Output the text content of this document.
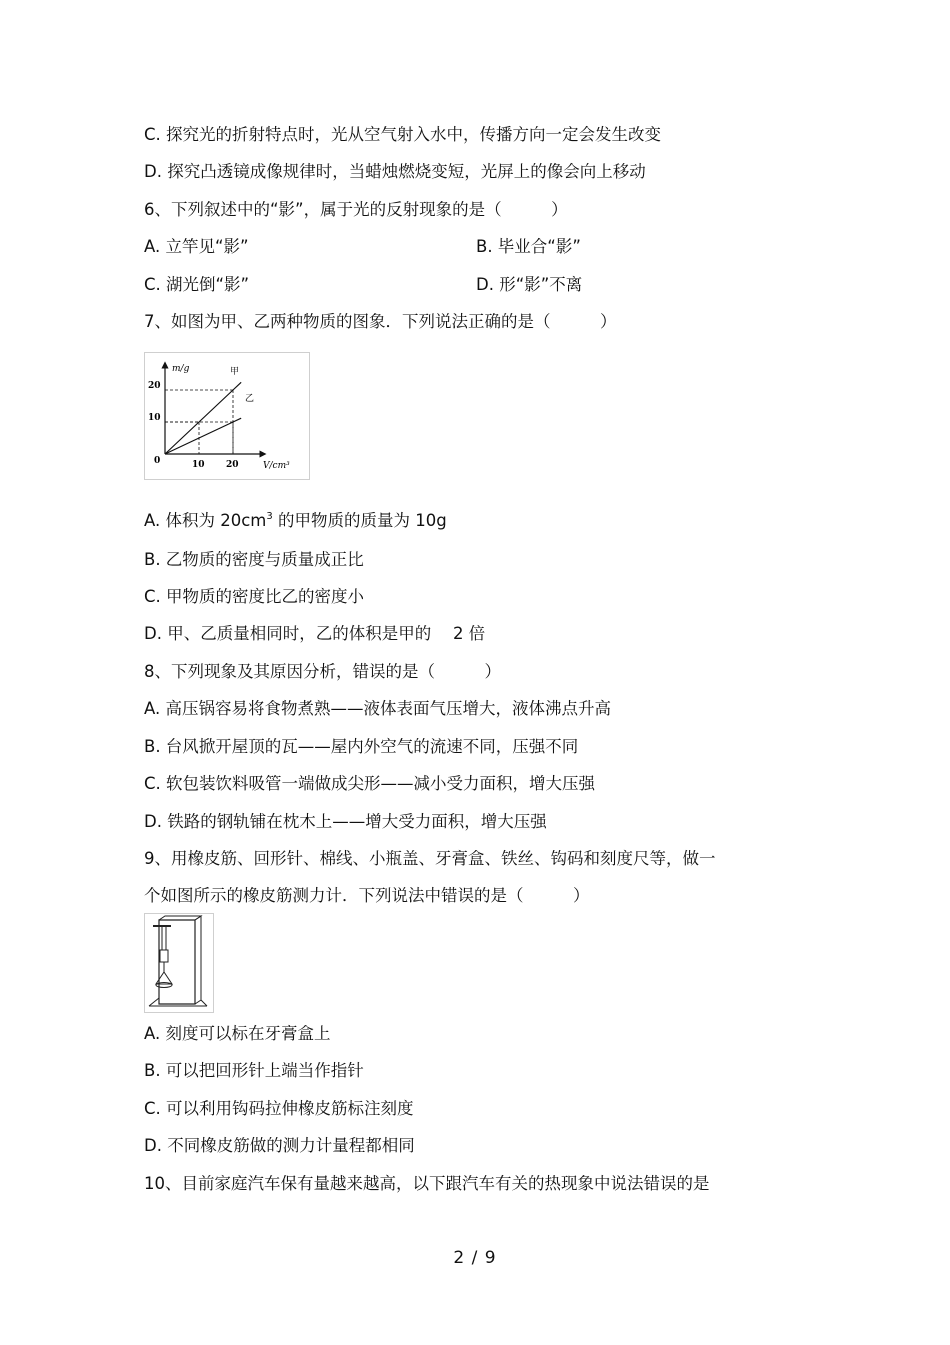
C. 探究光的折射特点时，光从空气射入水中，传播方向一定会发生改变
D. 探究凸透镜成像规律时，当蜡烛燃烧变短，光屏上的像会向上移动
6、下列叙述中的“影”，属于光的反射现象的是（　　　）
A. 立竿见“影”	B. 毕业合“影”
C. 湖光倒“影”	D. 形“影”不离
7、如图为甲、乙两种物质的图象．下列说法正确的是（　　　）
m/g
V/cm³
0
10
20
10 20
甲
乙
A. 体积为 $20cm^3$ 的甲物质的质量为 10g
B. 乙物质的密度与质量成正比
C. 甲物质的密度比乙的密度小
D. 甲、乙质量相同时，乙的体积是甲的 　2 倍
8、下列现象及其原因分析，错误的是（　　　）
A. 高压锅容易将食物煮熟——液体表面气压增大，液体沸点升高
B. 台风掀开屋顶的瓦——屋内外空气的流速不同，压强不同
C. 软包装饮料吸管一端做成尖形——减小受力面积，增大压强
D. 铁路的钢轨铺在枕木上——增大受力面积，增大压强
9、用橡皮筋、回形针、棉线、小瓶盖、牙膏盒、铁丝、钩码和刻度尺等，做一
个如图所示的橡皮筋测力计．下列说法中错误的是（　　　）
A. 刻度可以标在牙膏盒上
B. 可以把回形针上端当作指针
C. 可以利用钩码拉伸橡皮筋标注刻度
D. 不同橡皮筋做的测力计量程都相同
10、目前家庭汽车保有量越来越高，以下跟汽车有关的热现象中说法错误的是
2 / 9
